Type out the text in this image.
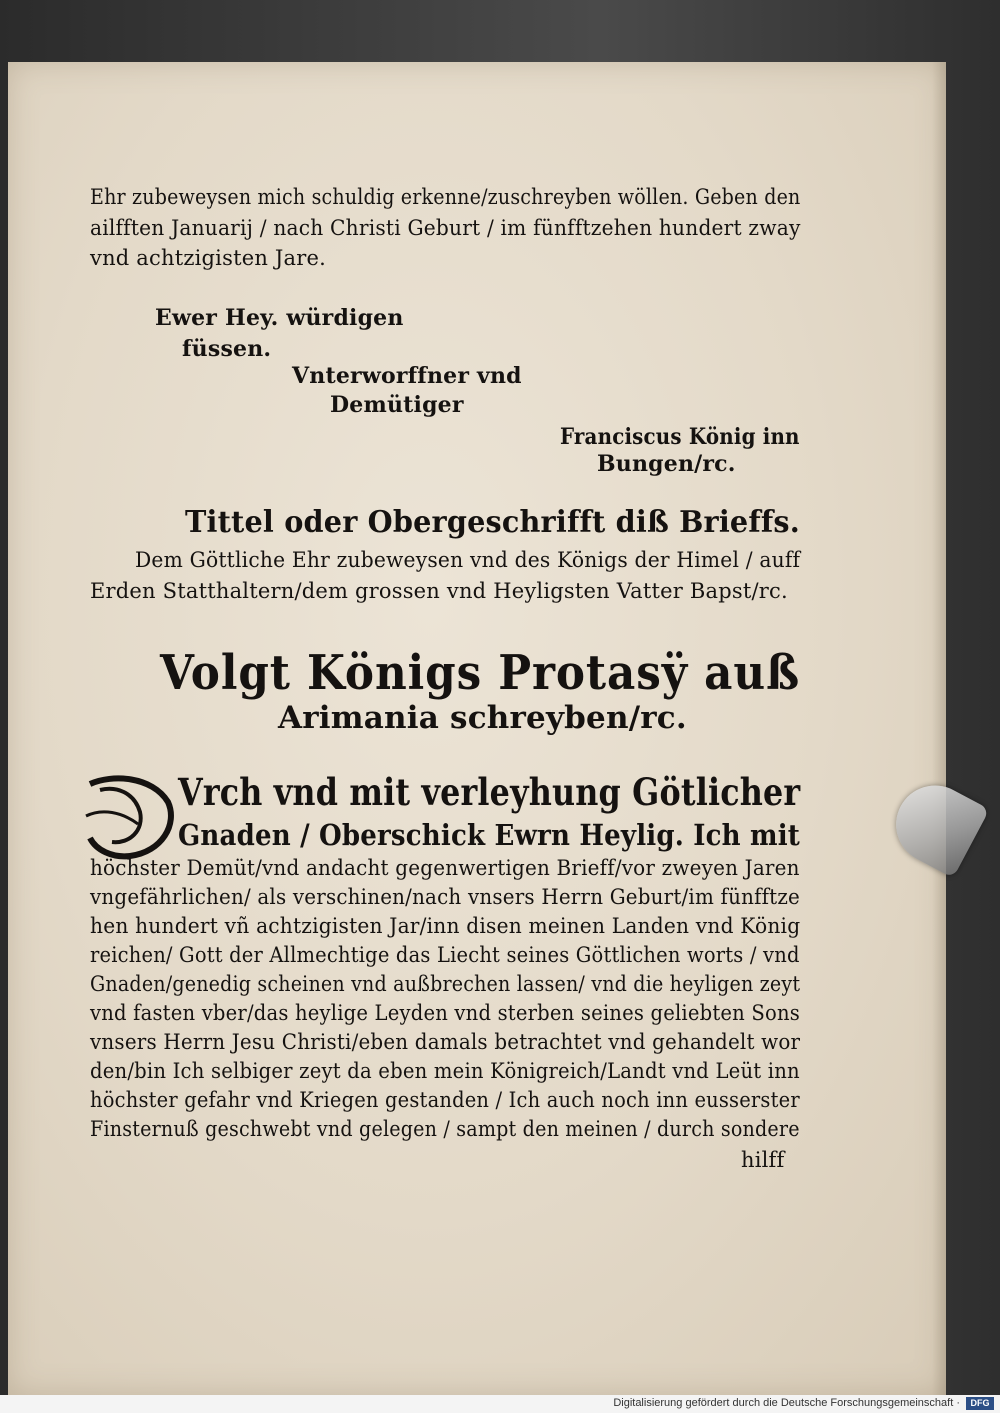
Ehr zubeweysen mich schuldig erkenne/zuschreyben wöllen. Geben den
ailfften Januarij / nach Christi Geburt / im fünfftzehen hundert zway
vnd achtzigisten Jare.
Ewer Hey. würdigen
füssen.
Vnterworffner vnd
Demütiger
Franciscus König inn
Bungen/rc.
Tittel oder Obergeschrifft diß Brieffs.
Dem Göttliche Ehr zubeweysen vnd des Königs der Himel / auff
Erden Statthaltern/dem grossen vnd Heyligsten Vatter Bapst/rc.
Volgt Königs Protasÿ auß
Arimania schreyben/rc.
Vrch vnd mit verleyhung Götlicher
Gnaden / Oberschick Ewrn Heylig. Ich mit
höchster Demüt/vnd andacht gegenwertigen Brieff/vor zweyen Jaren
vngefährlichen/ als verschinen/nach vnsers Herrn Geburt/im fünfftze
hen hundert vñ achtzigisten Jar/inn disen meinen Landen vnd König
reichen/ Gott der Allmechtige das Liecht seines Göttlichen worts / vnd
Gnaden/genedig scheinen vnd außbrechen lassen/ vnd die heyligen zeyt
vnd fasten vber/das heylige Leyden vnd sterben seines geliebten Sons
vnsers Herrn Jesu Christi/eben damals betrachtet vnd gehandelt wor
den/bin Ich selbiger zeyt da eben mein Königreich/Landt vnd Leüt inn
höchster gefahr vnd Kriegen gestanden / Ich auch noch inn eusserster
Finsternuß geschwebt vnd gelegen / sampt den meinen / durch sondere
hilff
Digitalisierung gefördert durch die Deutsche Forschungsgemeinschaft ·	DFG
